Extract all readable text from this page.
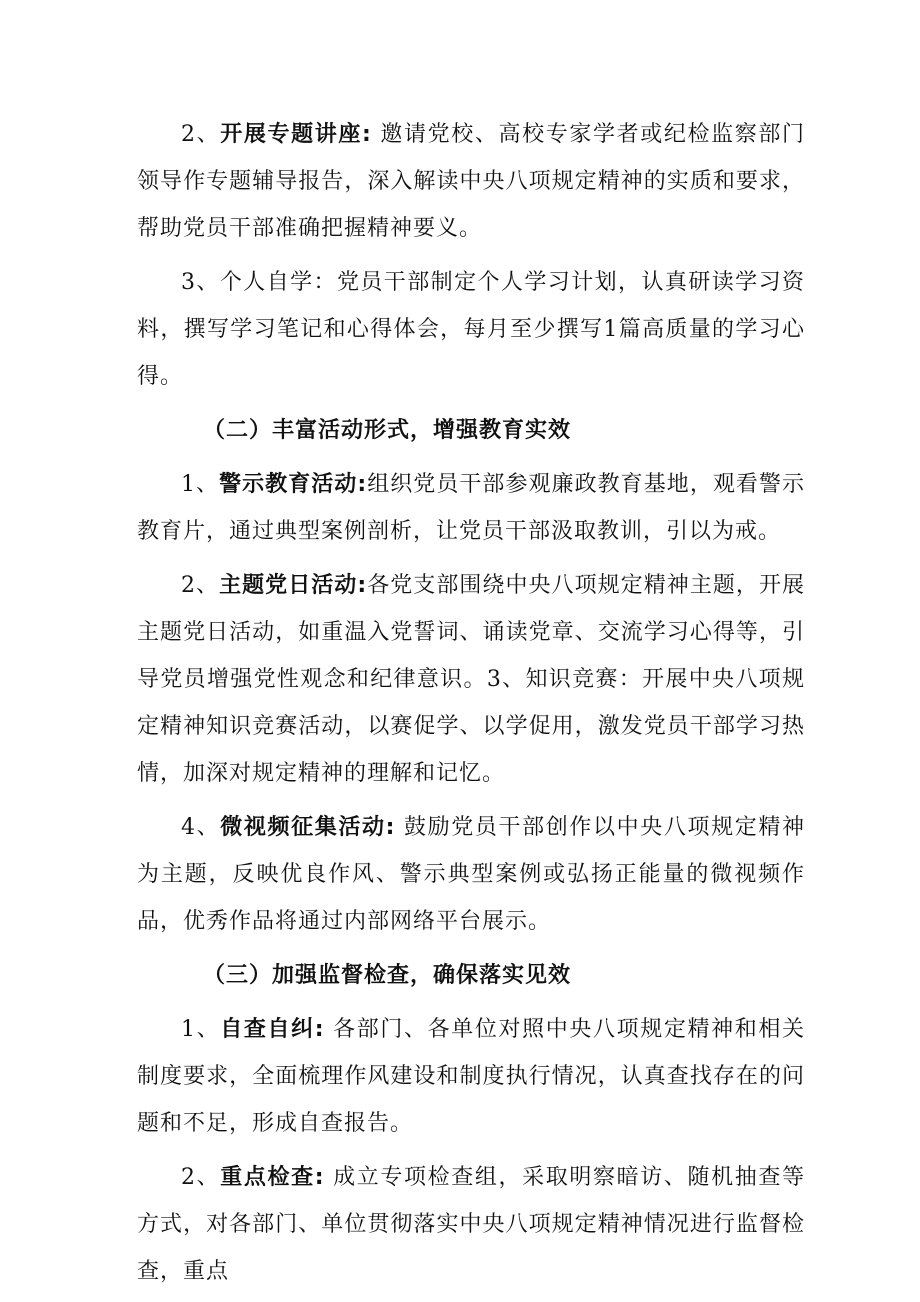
2、开展专题讲座: 邀请党校、高校专家学者或纪检监察部门领导作专题辅导报告，深入解读中央八项规定精神的实质和要求，帮助党员干部准确把握精神要义。

3、个人自学：党员干部制定个人学习计划，认真研读学习资料，撰写学习笔记和心得体会，每月至少撰写1篇高质量的学习心得。

（二）丰富活动形式，增强教育实效

1、警示教育活动:组织党员干部参观廉政教育基地，观看警示教育片，通过典型案例剖析，让党员干部汲取教训，引以为戒。

2、主题党日活动:各党支部围绕中央八项规定精神主题，开展主题党日活动，如重温入党誓词、诵读党章、交流学习心得等，引导党员增强党性观念和纪律意识。3、知识竞赛：开展中央八项规定精神知识竞赛活动，以赛促学、以学促用，激发党员干部学习热情，加深对规定精神的理解和记忆。

4、微视频征集活动: 鼓励党员干部创作以中央八项规定精神为主题，反映优良作风、警示典型案例或弘扬正能量的微视频作品，优秀作品将通过内部网络平台展示。

（三）加强监督检查，确保落实见效

1、自查自纠: 各部门、各单位对照中央八项规定精神和相关制度要求，全面梳理作风建设和制度执行情况，认真查找存在的问题和不足，形成自查报告。

2、重点检查: 成立专项检查组，采取明察暗访、随机抽查等方式，对各部门、单位贯彻落实中央八项规定精神情况进行监督检查，重点
